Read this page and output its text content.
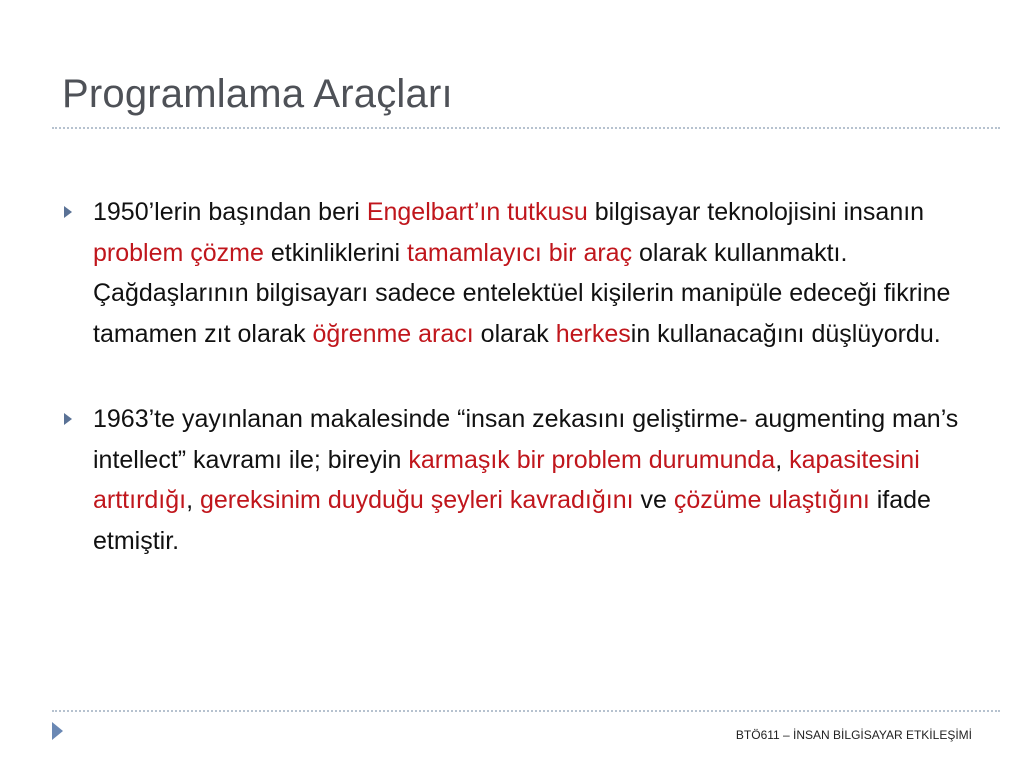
Programlama Araçları
1950’lerin başından beri Engelbart’ın tutkusu bilgisayar teknolojisini insanın problem çözme etkinliklerini tamamlayıcı bir araç olarak kullanmaktı. Çağdaşlarının bilgisayarı sadece entelektüel kişilerin manipüle edeceği fikrine tamamen zıt olarak öğrenme aracı olarak herkesin kullanacağını düşlüyordu.
1963’te yayınlanan makalesinde “insan zekasını geliştirme- augmenting man’s intellect” kavramı ile; bireyin karmaşık bir problem durumunda, kapasitesini arttırdığı, gereksinim duyduğu şeyleri kavradığını ve çözüme ulaştığını ifade etmiştir.
BTÖ611 – İNSAN BİLGİSAYAR ETKİLEŞİMİ
